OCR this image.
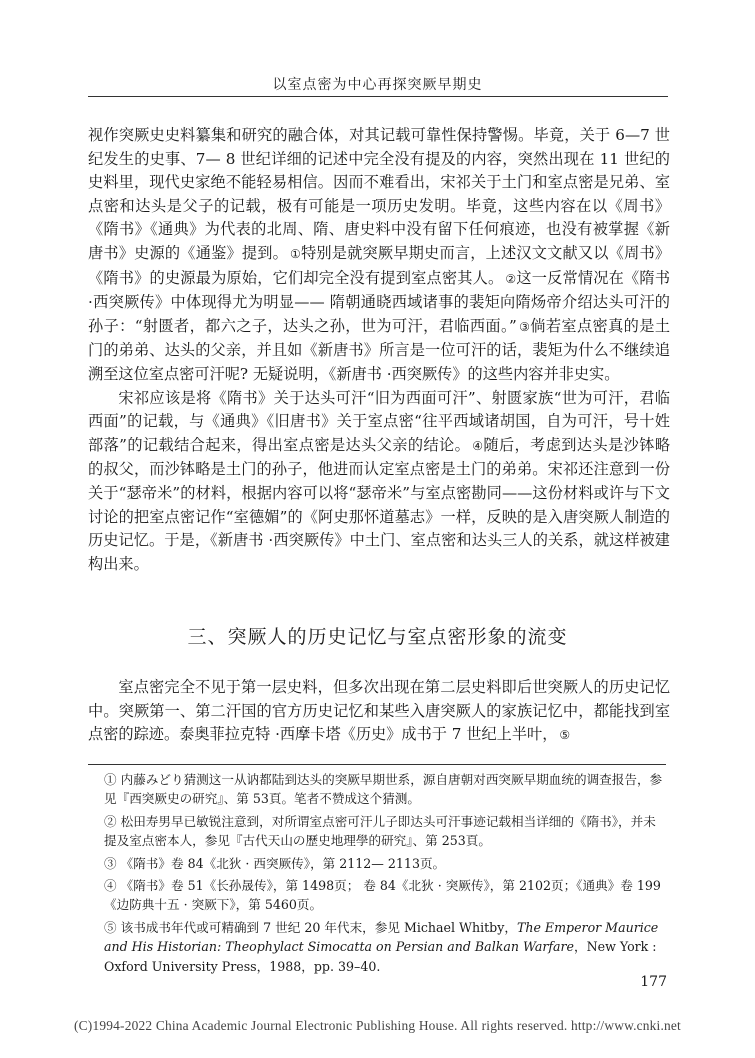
以室点密为中心再探突厥早期史

视作突厥史史料纂集和研究的融合体，对其记载可靠性保持警惕。毕竟，关于 6—7 世纪发生的史事、7— 8 世纪详细的记述中完全没有提及的内容，突然出现在 11 世纪的史料里，现代史家绝不能轻易相信。因而不难看出，宋祁关于土门和室点密是兄弟、室点密和达头是父子的记载，极有可能是一项历史发明。毕竟，这些内容在以《周书》《隋书》《通典》为代表的北周、隋、唐史料中没有留下任何痕迹，也没有被掌握《新唐书》史源的《通鉴》提到。 ①特别是就突厥早期史而言，上述汉文文献又以《周书》《隋书》的史源最为原始，它们却完全没有提到室点密其人。 ②这一反常情况在《隋书 ·西突厥传》中体现得尤为明显—— 隋朝通晓西域诸事的裴矩向隋炀帝介绍达头可汗的孙子：“射匮者，都六之子，达头之孙，世为可汗，君临西面。” ③倘若室点密真的是土门的弟弟、达头的父亲，并且如《新唐书》所言是一位可汗的话，裴矩为什么不继续追溯至这位室点密可汗呢? 无疑说明，《新唐书 ·西突厥传》的这些内容并非史实。

宋祁应该是将《隋书》关于达头可汗“旧为西面可汗”、射匮家族“世为可汗，君临西面”的记载，与《通典》《旧唐书》关于室点密“往平西域诸胡国，自为可汗，号十姓部落”的记载结合起来，得出室点密是达头父亲的结论。 ④随后，考虑到达头是沙钵略的叔父，而沙钵略是土门的孙子，他进而认定室点密是土门的弟弟。宋祁还注意到一份关于“瑟帝米”的材料，根据内容可以将“瑟帝米”与室点密勘同——这份材料或许与下文讨论的把室点密记作“室德媚”的《阿史那怀道墓志》一样，反映的是入唐突厥人制造的历史记忆。于是，《新唐书 ·西突厥传》中土门、室点密和达头三人的关系，就这样被建构出来。

三、突厥人的历史记忆与室点密形象的流变

室点密完全不见于第一层史料，但多次出现在第二层史料即后世突厥人的历史记忆中。突厥第一、第二汗国的官方历史记忆和某些入唐突厥人的家族记忆中，都能找到室点密的踪迹。泰奥菲拉克特 ·西摩卡塔《历史》成书于 7 世纪上半叶， ⑤

① 内藤みどり猜测这一从讷都陆到达头的突厥早期世系，源自唐朝对西突厥早期血统的调查报告，参见『西突厥史の研究』、第 53頁。笔者不赞成这个猜测。
② 松田寿男早已敏锐注意到，对所谓室点密可汗儿子即达头可汗事迹记载相当详细的《隋书》，并未提及室点密本人，参见『古代天山の歷史地理學的研究』、第 253頁。
③ 《隋书》卷 84《北狄 · 西突厥传》，第 2112— 2113页。
④ 《隋书》卷 51《长孙晟传》，第 1498页； 卷 84《北狄 · 突厥传》，第 2102页；《通典》卷 199《边防典十五 · 突厥下》，第 5460页。
⑤ 该书成书年代或可精确到 7 世纪 20 年代末，参见 Michael Whitby，The Emperor Maurice and His Historian: Theophylact Simocatta on Persian and Balkan Warfare，New York : Oxford University Press，1988，pp. 39–40.
177
(C)1994-2022 China Academic Journal Electronic Publishing House. All rights reserved. http://www.cnki.net
